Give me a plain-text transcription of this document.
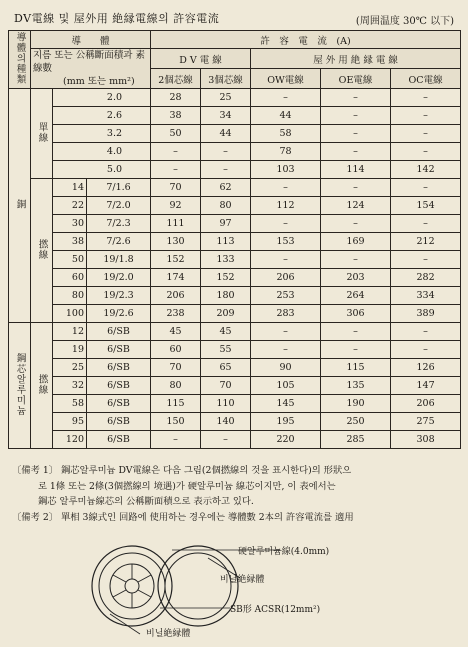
DV電線 및 屋外用 絶縁電線의 許容電流	(周囲温度 30℃ 以下)
導體의種類	導　　體			許　容　電　流　(A)				
	지름 또는 公稱斷面積과 素線數
(mm 또는 mm²)			D V 電 線		屋 外 用 絶 縁 電 線		
				2個芯線	3個芯線	OW電線	OE電線	OC電線
銅	單線	2.0		28	25	–	–	–
		2.6		38	34	44	–	–
		3.2		50	44	58	–	–
		4.0		–	–	78	–	–
		5.0		–	–	103	114	142
	撚線	14	7/1.6	70	62	–	–	–
		22	7/2.0	92	80	112	124	154
		30	7/2.3	111	97	–	–	–
		38	7/2.6	130	113	153	169	212
		50	19/1.8	152	133	–	–	–
		60	19/2.0	174	152	206	203	282
		80	19/2.3	206	180	253	264	334
		100	19/2.6	238	209	283	306	389
鋼芯알루미늄	撚線	12	6/SB	45	45	–	–	–
		19	6/SB	60	55	–	–	–
		25	6/SB	70	65	90	115	126
		32	6/SB	80	70	105	135	147
		58	6/SB	115	110	145	190	206
		95	6/SB	150	140	195	250	275
		120	6/SB	–	–	220	285	308

〔備考 1〕 鋼芯알루미늄 DV電線은 다음 그림(2個撚線의 것을 표시한다)의 形狀으

로 1條 또는 2條(3個撚線의 境遇)가 硬알루미늄 線芯이지만, 이 表에서는

鋼芯 알루미늄線芯의 公稱斷面積으로 表示하고 있다.

〔備考 2〕 單相 3線式인 回路에 使用하는 경우에는 導體數 2本의 許容電流를 適用

硬알루미늄線(4.0mm)
비닐絶縁體
SB形 ACSR(12mm²)
비닐絶縁體
